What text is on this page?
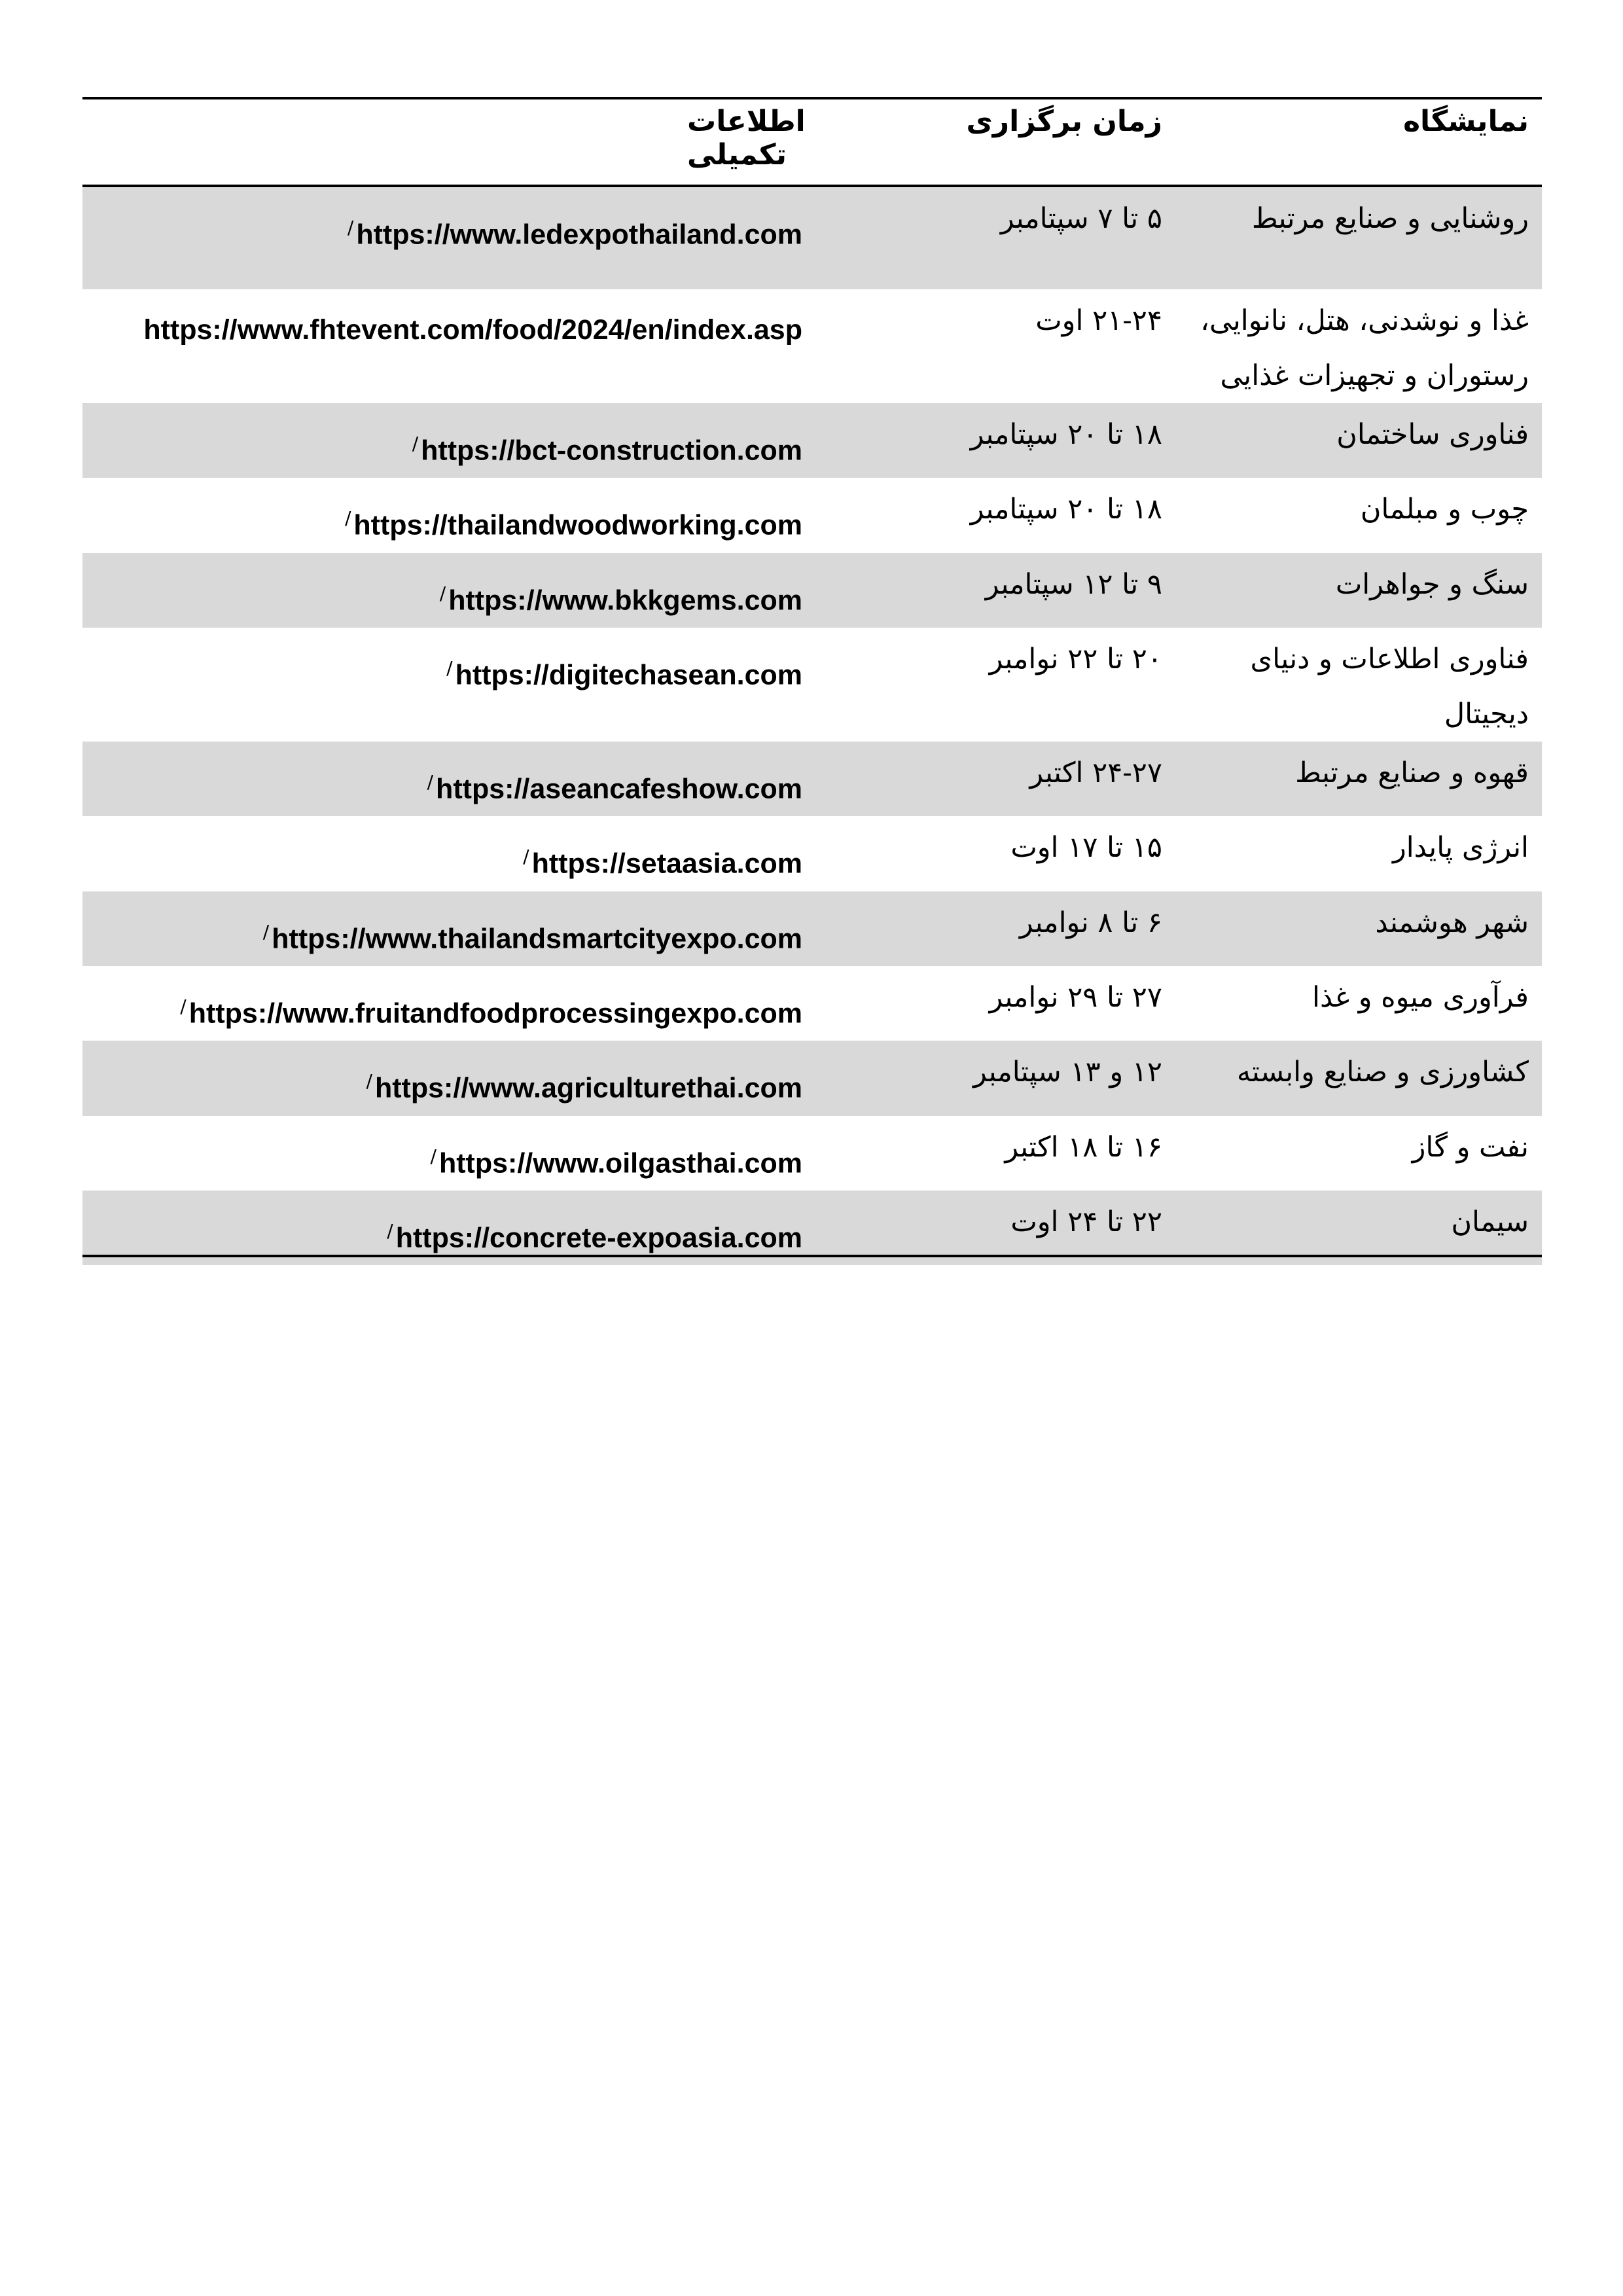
اطلاعات تکمیلی	زمان برگزاری	نمایشگاه

/https://www.ledexpothailand.com	۵ تا ۷ سپتامبر	روشنایی و صنایع مرتبط
https://www.fhtevent.com/food/2024/en/index.asp	۲۱-۲۴ اوت	غذا و نوشدنی، هتل، نانوایی، رستوران و تجهیزات غذایی
/https://bct-construction.com	۱۸ تا ۲۰ سپتامبر	فناوری ساختمان
/https://thailandwoodworking.com	۱۸ تا ۲۰ سپتامبر	چوب و مبلمان
/https://www.bkkgems.com	۹ تا ۱۲ سپتامبر	سنگ و جواهرات
/https://digitechasean.com	۲۰ تا ۲۲ نوامبر	فناوری اطلاعات و دنیای دیجیتال
/https://aseancafeshow.com	۲۴-۲۷ اکتبر	قهوه و صنایع مرتبط
/https://setaasia.com	۱۵ تا ۱۷ اوت	انرژی پایدار
/https://www.thailandsmartcityexpo.com	۶ تا ۸ نوامبر	شهر هوشمند
/https://www.fruitandfoodprocessingexpo.com	۲۷ تا ۲۹ نوامبر	فرآوری میوه و غذا
/https://www.agriculturethai.com	۱۲ و ۱۳ سپتامبر	کشاورزی و صنایع وابسته
/https://www.oilgasthai.com	۱۶ تا ۱۸ اکتبر	نفت و گاز
/https://concrete-expoasia.com	۲۲ تا ۲۴ اوت	سیمان
